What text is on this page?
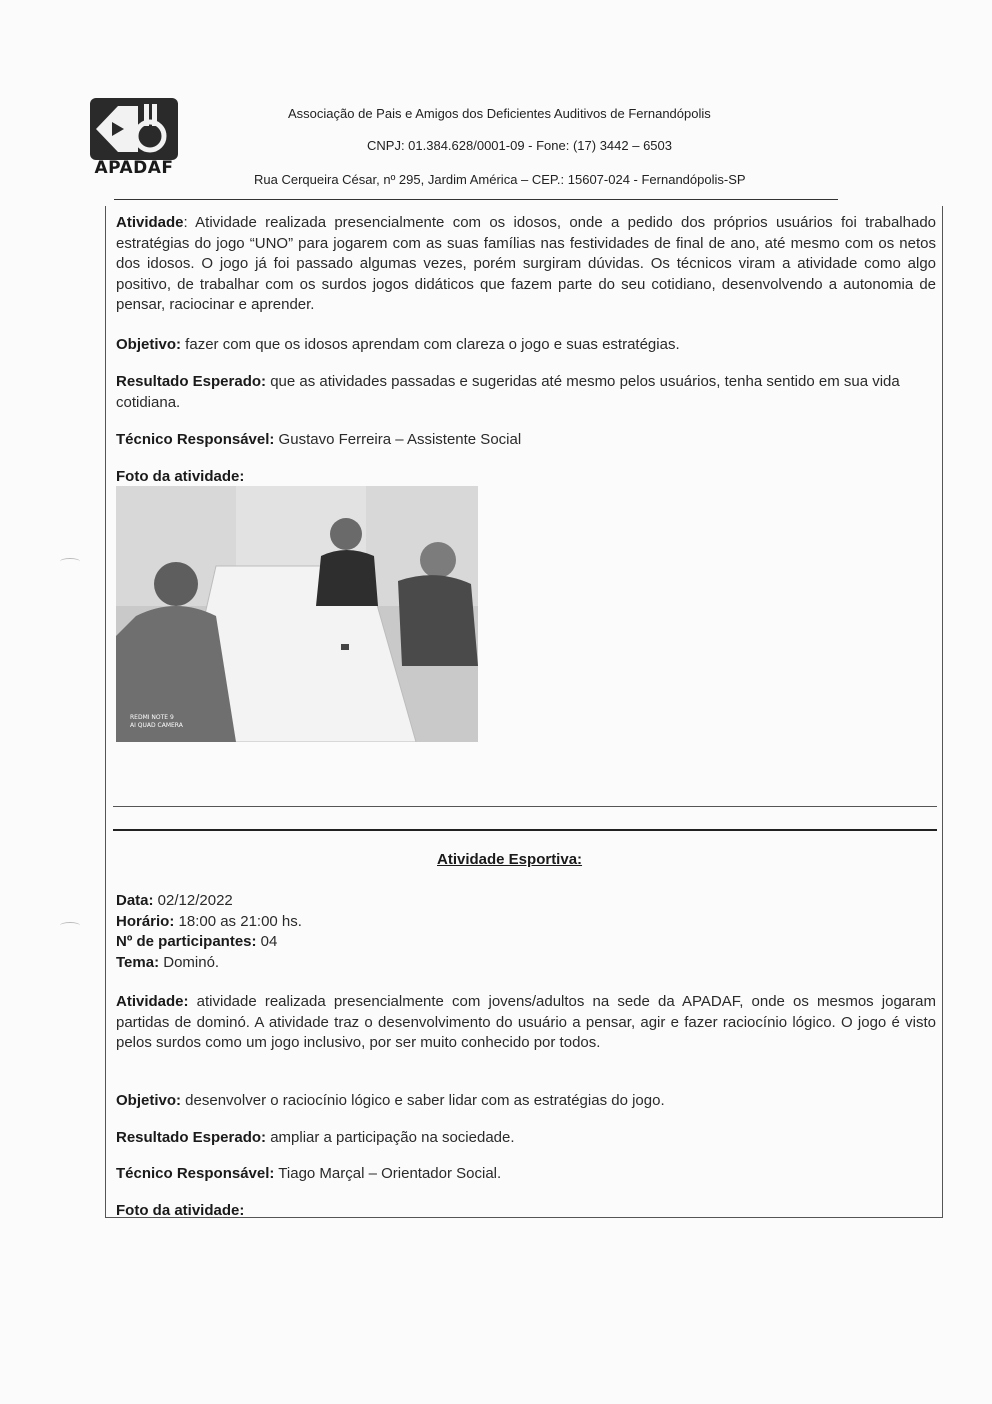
APADAF
Associação de Pais e Amigos dos Deficientes Auditivos de Fernandópolis
CNPJ: 01.384.628/0001-09 - Fone: (17) 3442 – 6503
Rua Cerqueira César, nº 295, Jardim América – CEP.: 15607-024 - Fernandópolis-SP
Atividade: Atividade realizada presencialmente com os idosos, onde a pedido dos próprios usuários foi trabalhado estratégias do jogo “UNO” para jogarem com as suas famílias nas festividades de final de ano, até mesmo com os netos dos idosos. O jogo já foi passado algumas vezes, porém surgiram dúvidas. Os técnicos viram a atividade como algo positivo, de trabalhar com os surdos jogos didáticos que fazem parte do seu cotidiano, desenvolvendo a autonomia de pensar, raciocinar e aprender.
Objetivo: fazer com que os idosos aprendam com clareza o jogo e suas estratégias.
Resultado Esperado: que as atividades passadas e sugeridas até mesmo pelos usuários, tenha sentido em sua vida cotidiana.
Técnico Responsável: Gustavo Ferreira – Assistente Social
Foto da atividade:
REDMI NOTE 9
AI QUAD CAMERA
Atividade Esportiva:
Data: 02/12/2022
Horário: 18:00 as 21:00 hs.
Nº de participantes: 04
Tema: Dominó.
Atividade: atividade realizada presencialmente com jovens/adultos na sede da APADAF, onde os mesmos jogaram partidas de dominó. A atividade traz o desenvolvimento do usuário a pensar, agir e fazer raciocínio lógico. O jogo é visto pelos surdos como um jogo inclusivo, por ser muito conhecido por todos.
Objetivo: desenvolver o raciocínio lógico e saber lidar com as estratégias do jogo.
Resultado Esperado: ampliar a participação na sociedade.
Técnico Responsável: Tiago Marçal – Orientador Social.
Foto da atividade:
